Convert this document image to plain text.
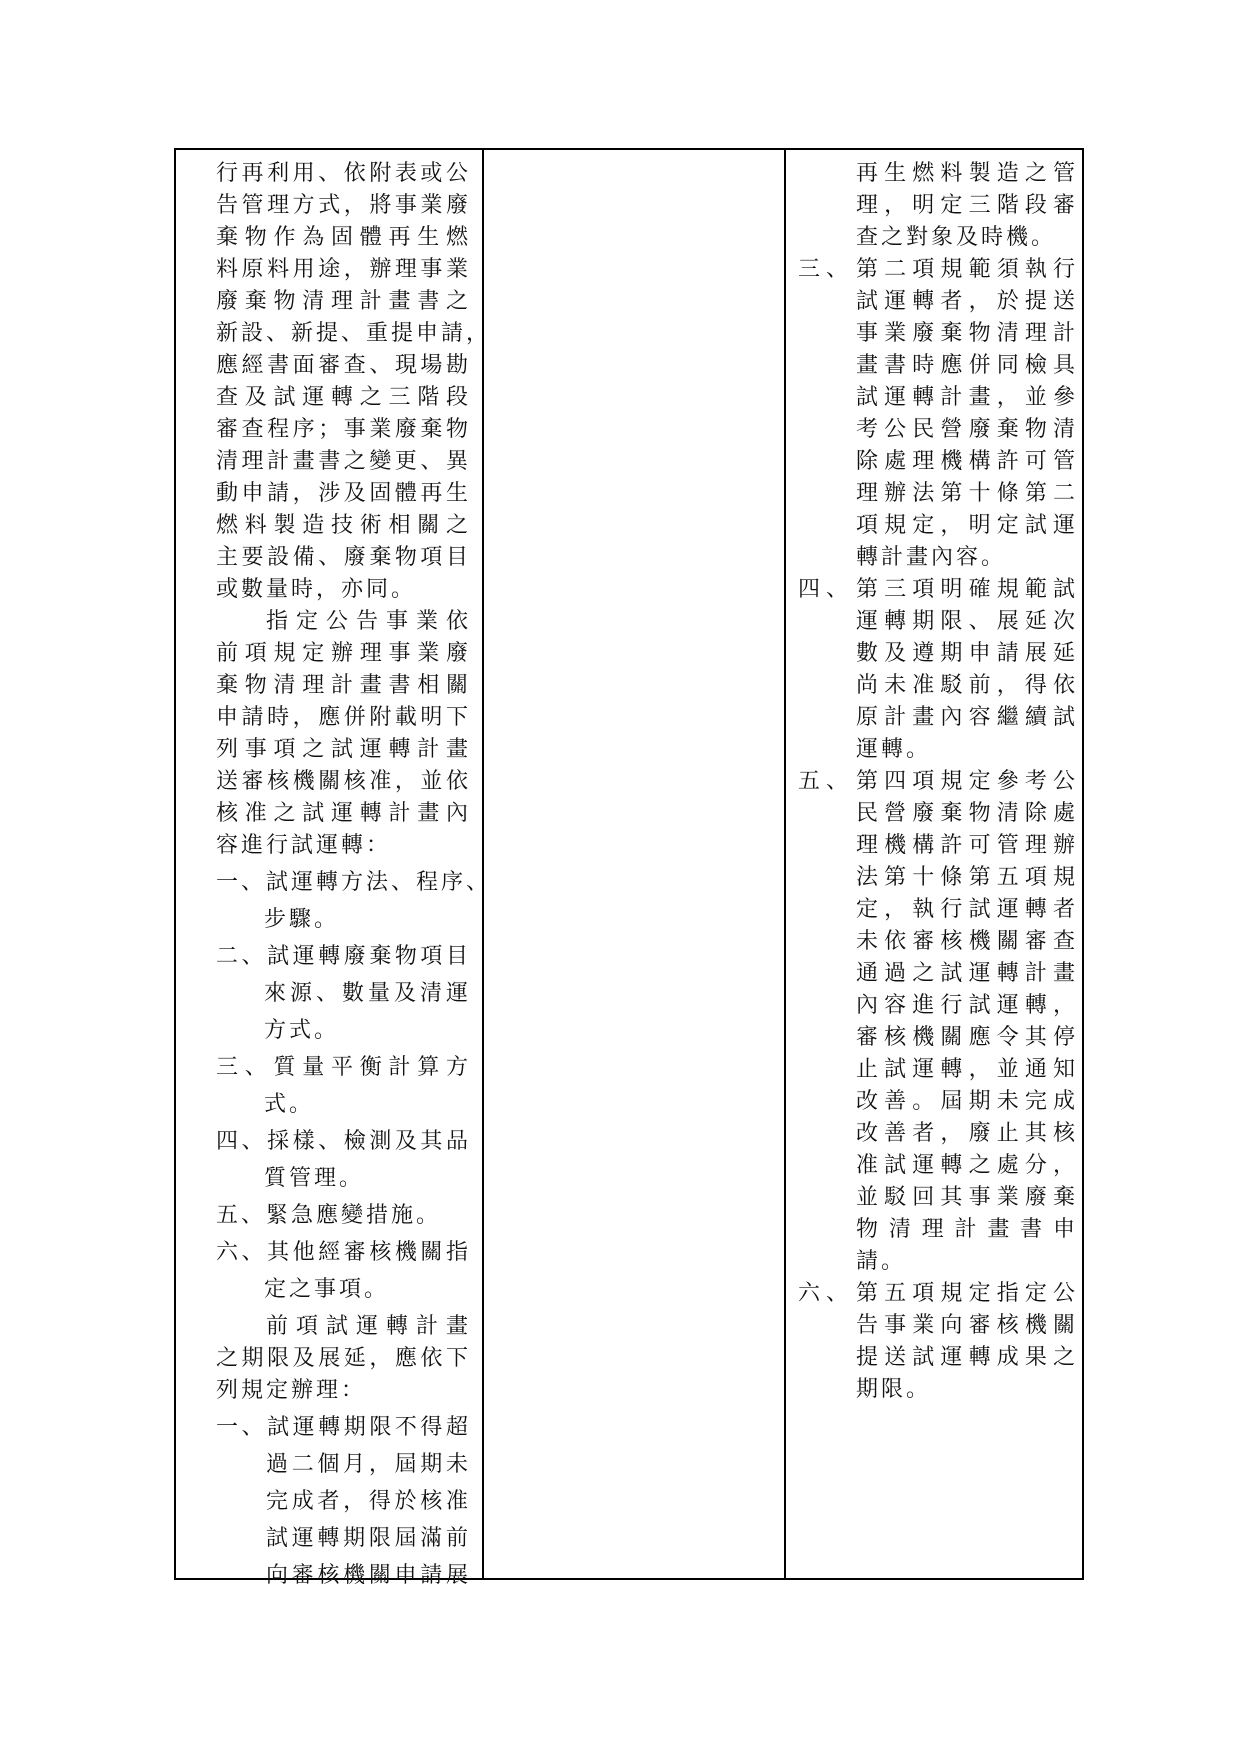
行再利用、依附表或公
告管理方式，將事業廢
棄物作為固體再生燃
料原料用途，辦理事業
廢棄物清理計畫書之
新設、新提、重提申請，
應經書面審查、現場勘
查及試運轉之三階段
審查程序；事業廢棄物
清理計畫書之變更、異
動申請，涉及固體再生
燃料製造技術相關之
主要設備、廢棄物項目
或數量時，亦同。
指定公告事業依
前項規定辦理事業廢
棄物清理計畫書相關
申請時，應併附載明下
列事項之試運轉計畫
送審核機關核准，並依
核准之試運轉計畫內
容進行試運轉：
一、試運轉方法、程序、
步驟。
二、試運轉廢棄物項目
來源、數量及清運
方式。
三、質量平衡計算方
式。
四、採樣、檢測及其品
質管理。
五、緊急應變措施。
六、其他經審核機關指
定之事項。
前項試運轉計畫
之期限及展延，應依下
列規定辦理：
一、試運轉期限不得超
過二個月，屆期未
完成者，得於核准
試運轉期限屆滿前
向審核機關申請展
再生燃料製造之管
理，明定三階段審
查之對象及時機。
三、 第二項規範須執行
試運轉者，於提送
事業廢棄物清理計
畫書時應併同檢具
試運轉計畫，並參
考公民營廢棄物清
除處理機構許可管
理辦法第十條第二
項規定，明定試運
轉計畫內容。
四、 第三項明確規範試
運轉期限、展延次
數及遵期申請展延
尚未准駁前，得依
原計畫內容繼續試
運轉。
五、 第四項規定參考公
民營廢棄物清除處
理機構許可管理辦
法第十條第五項規
定，執行試運轉者
未依審核機關審查
通過之試運轉計畫
內容進行試運轉，
審核機關應令其停
止試運轉，並通知
改善。屆期未完成
改善者，廢止其核
准試運轉之處分，
並駁回其事業廢棄
物清理計畫書申
請。
六、 第五項規定指定公
告事業向審核機關
提送試運轉成果之
期限。
